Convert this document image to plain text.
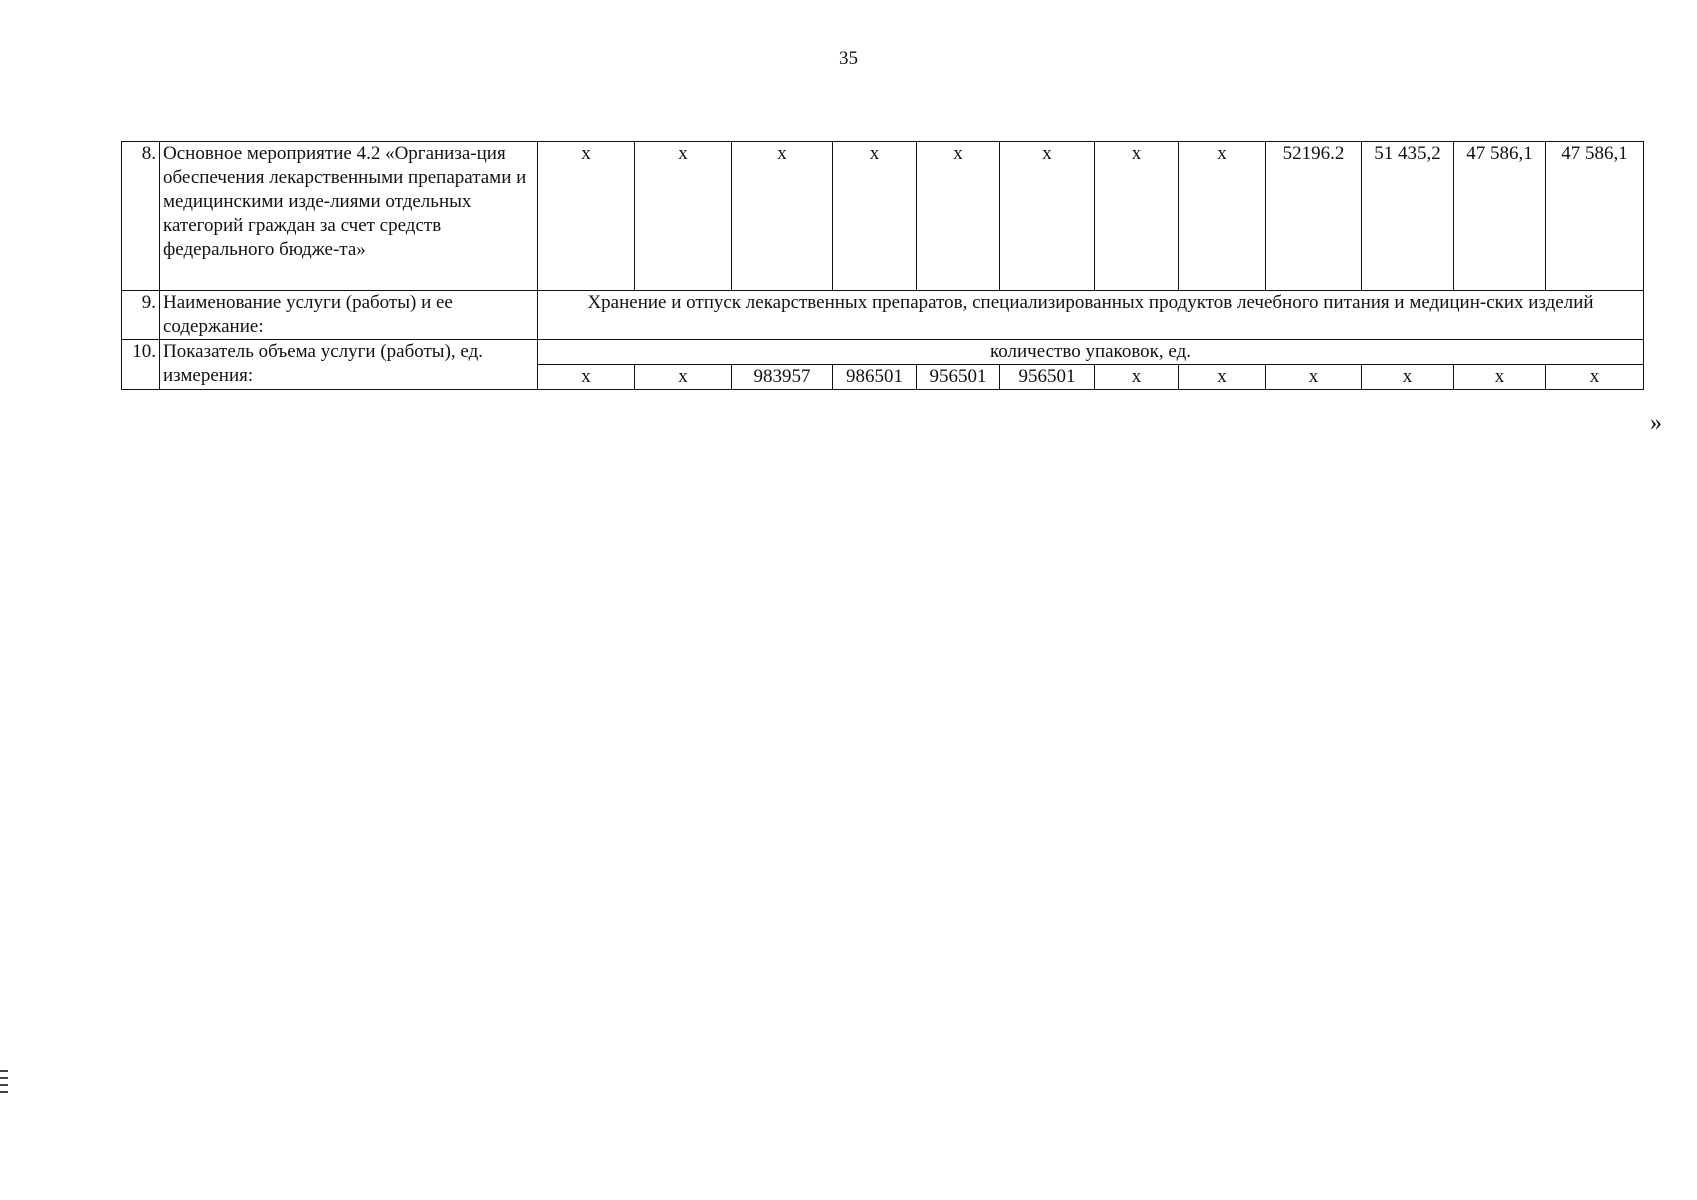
35
8.	Основное мероприятие 4.2 «Организа-ция обеспечения лекарственными препаратами и медицинскими изде-лиями отдельных категорий граждан за счет средств федерального бюдже-та»	x	x	x	x	x	x	x	x	52196.2	51 435,2	47 586,1	47 586,1
9.	Наименование услуги (работы) и ее содержание:	Хранение и отпуск лекарственных препаратов, специализированных продуктов лечебного питания и медицин-ских изделий											
10.	Показатель объема услуги (работы), ед. измерения:	количество упаковок, ед.											
		x	x	983957	986501	956501	956501	x	x	x	x	x	x
»
